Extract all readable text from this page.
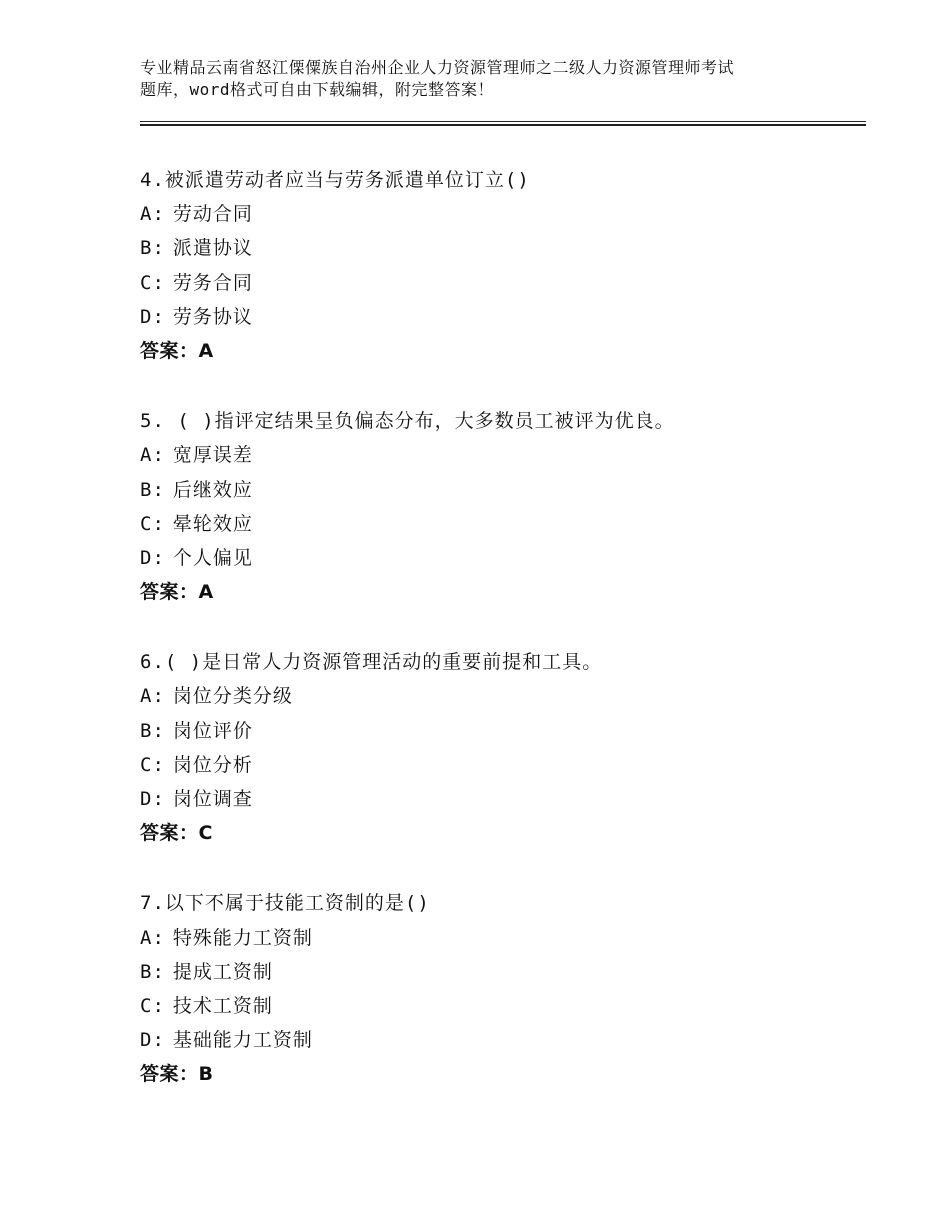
专业精品云南省怒江傈僳族自治州企业人力资源管理师之二级人力资源管理师考试
题库，word格式可自由下载编辑，附完整答案！
4.被派遣劳动者应当与劳务派遣单位订立()
A: 劳动合同
B: 派遣协议
C: 劳务合同
D: 劳务协议
答案：A
5. ( )指评定结果呈负偏态分布，大多数员工被评为优良。
A: 宽厚误差
B: 后继效应
C: 晕轮效应
D: 个人偏见
答案：A
6.( )是日常人力资源管理活动的重要前提和工具。
A: 岗位分类分级
B: 岗位评价
C: 岗位分析
D: 岗位调查
答案：C
7.以下不属于技能工资制的是()
A: 特殊能力工资制
B: 提成工资制
C: 技术工资制
D: 基础能力工资制
答案：B
